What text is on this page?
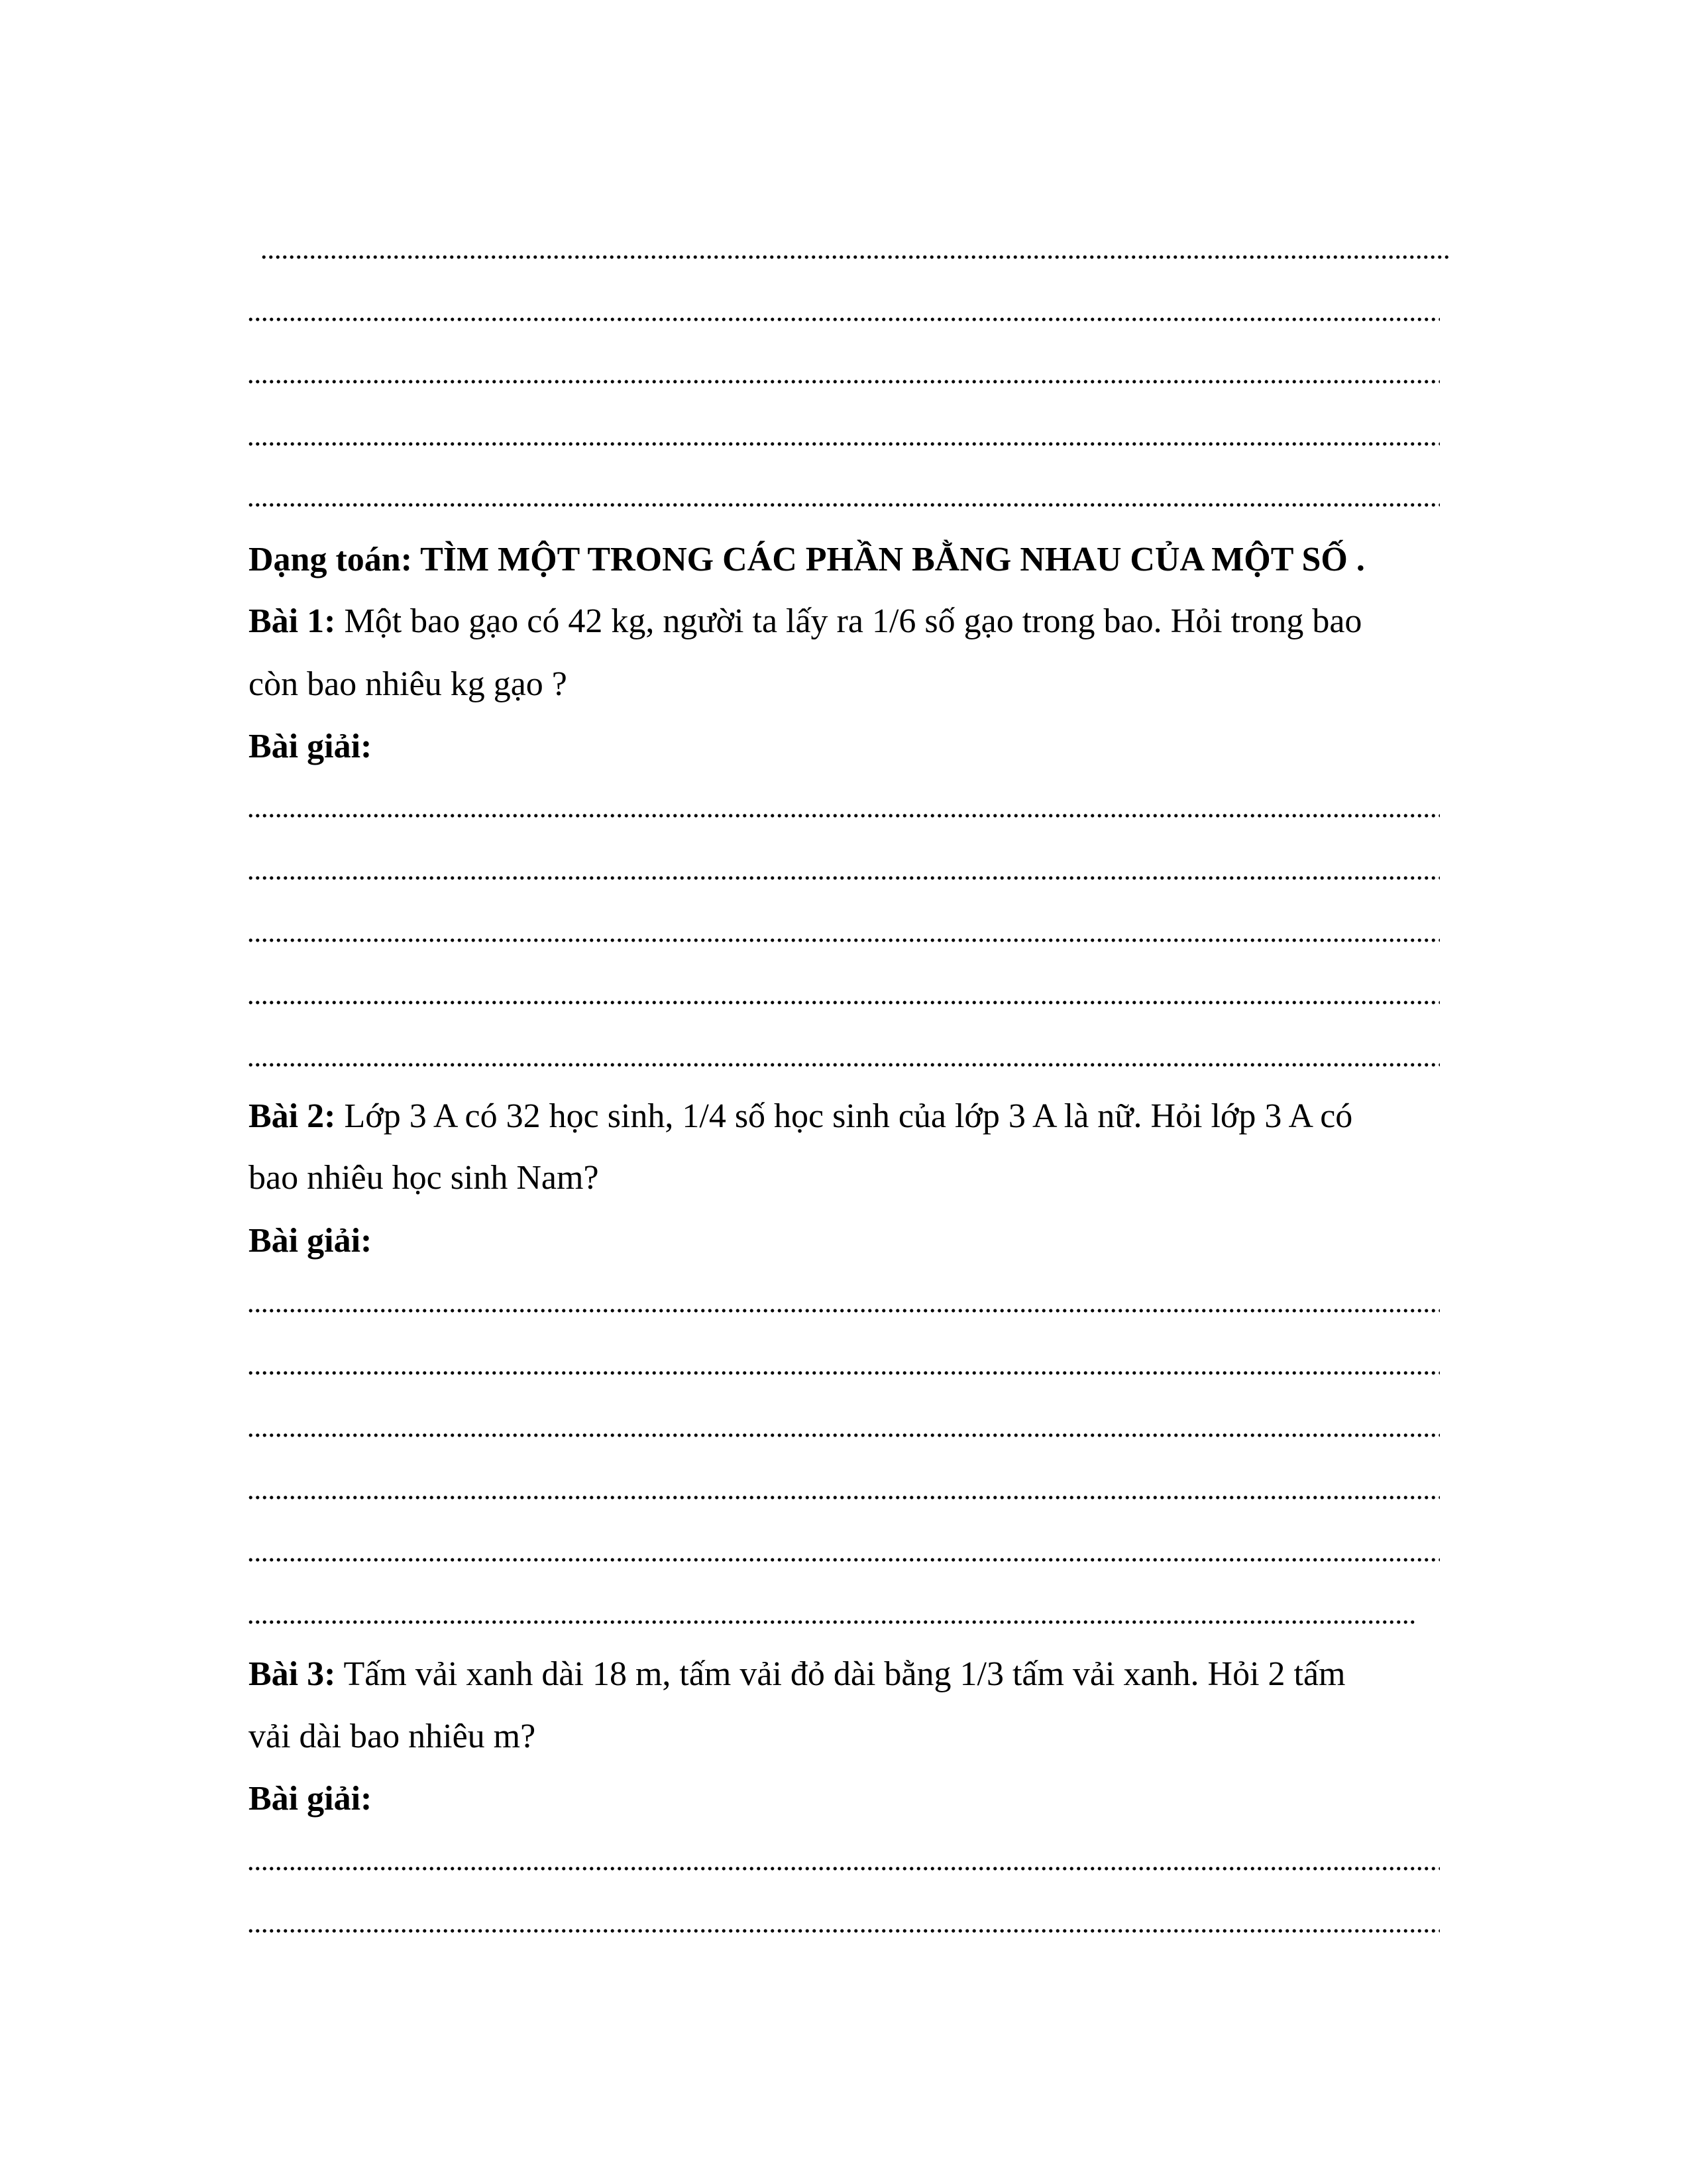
Dạng toán: TÌM MỘT TRONG CÁC PHẦN BẰNG NHAU CỦA MỘT SỐ .
Bài 1: Một bao gạo có 42 kg, người ta lấy ra 1/6 số gạo trong bao. Hỏi trong bao
còn bao nhiêu kg gạo ?
Bài giải:
Bài 2: Lớp 3 A có 32 học sinh, 1/4 số học sinh của lớp 3 A là nữ. Hỏi lớp 3 A có
bao nhiêu học sinh Nam?
Bài giải:
Bài 3: Tấm vải xanh dài 18 m, tấm vải đỏ dài bằng 1/3 tấm vải xanh. Hỏi 2 tấm
vải dài bao nhiêu m?
Bài giải:
